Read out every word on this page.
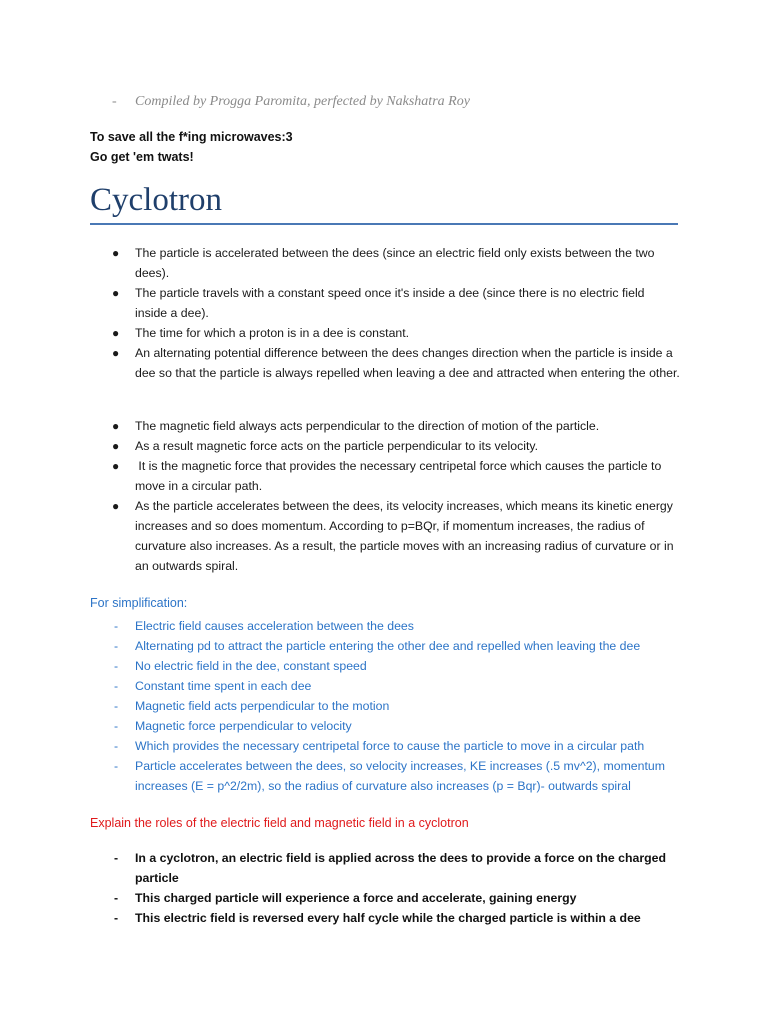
- Compiled by Progga Paromita, perfected by Nakshatra Roy
To save all the f*ing microwaves:3
Go get 'em twats!
Cyclotron
● The particle is accelerated between the dees (since an electric field only exists between the two dees).
● The particle travels with a constant speed once it's inside a dee (since there is no electric field inside a dee).
● The time for which a proton is in a dee is constant.
● An alternating potential difference between the dees changes direction when the particle is inside a dee so that the particle is always repelled when leaving a dee and attracted when entering the other.
● The magnetic field always acts perpendicular to the direction of motion of the particle.
● As a result magnetic force acts on the particle perpendicular to its velocity.
● It is the magnetic force that provides the necessary centripetal force which causes the particle to move in a circular path.
● As the particle accelerates between the dees, its velocity increases, which means its kinetic energy increases and so does momentum. According to p=BQr, if momentum increases, the radius of curvature also increases. As a result, the particle moves with an increasing radius of curvature or in an outwards spiral.
For simplification:
- Electric field causes acceleration between the dees
- Alternating pd to attract the particle entering the other dee and repelled when leaving the dee
- No electric field in the dee, constant speed
- Constant time spent in each dee
- Magnetic field acts perpendicular to the motion
- Magnetic force perpendicular to velocity
- Which provides the necessary centripetal force to cause the particle to move in a circular path
- Particle accelerates between the dees, so velocity increases, KE increases (.5 mv^2), momentum increases (E = p^2/2m), so the radius of curvature also increases (p = Bqr)- outwards spiral
Explain the roles of the electric field and magnetic field in a cyclotron
- In a cyclotron, an electric field is applied across the dees to provide a force on the charged particle
- This charged particle will experience a force and accelerate, gaining energy
- This electric field is reversed every half cycle while the charged particle is within a dee
